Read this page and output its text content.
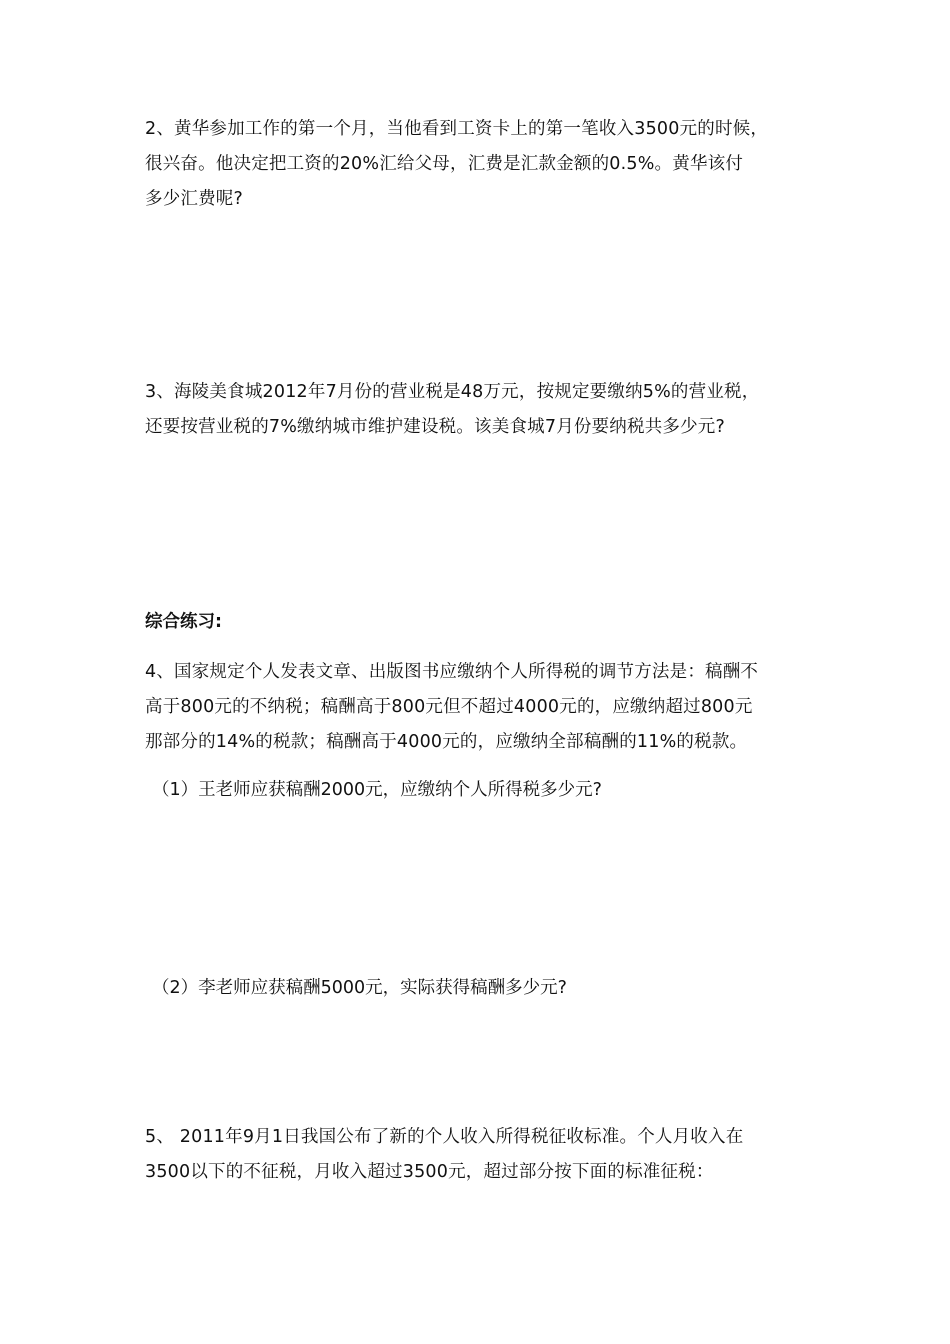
2、黄华参加工作的第一个月，当他看到工资卡上的第一笔收入3500元的时候，
很兴奋。他决定把工资的20%汇给父母，汇费是汇款金额的0.5%。黄华该付
多少汇费呢?
3、海陵美食城2012年7月份的营业税是48万元，按规定要缴纳5%的营业税，
还要按营业税的7%缴纳城市维护建设税。该美食城7月份要纳税共多少元?
综合练习:
4、国家规定个人发表文章、出版图书应缴纳个人所得税的调节方法是：稿酬不
高于800元的不纳税；稿酬高于800元但不超过4000元的，应缴纳超过800元
那部分的14%的税款；稿酬高于4000元的，应缴纳全部稿酬的11%的税款。
（1）王老师应获稿酬2000元，应缴纳个人所得税多少元?
（2）李老师应获稿酬5000元，实际获得稿酬多少元?
5、 2011年9月1日我国公布了新的个人收入所得税征收标准。个人月收入在
3500以下的不征税，月收入超过3500元，超过部分按下面的标准征税：
